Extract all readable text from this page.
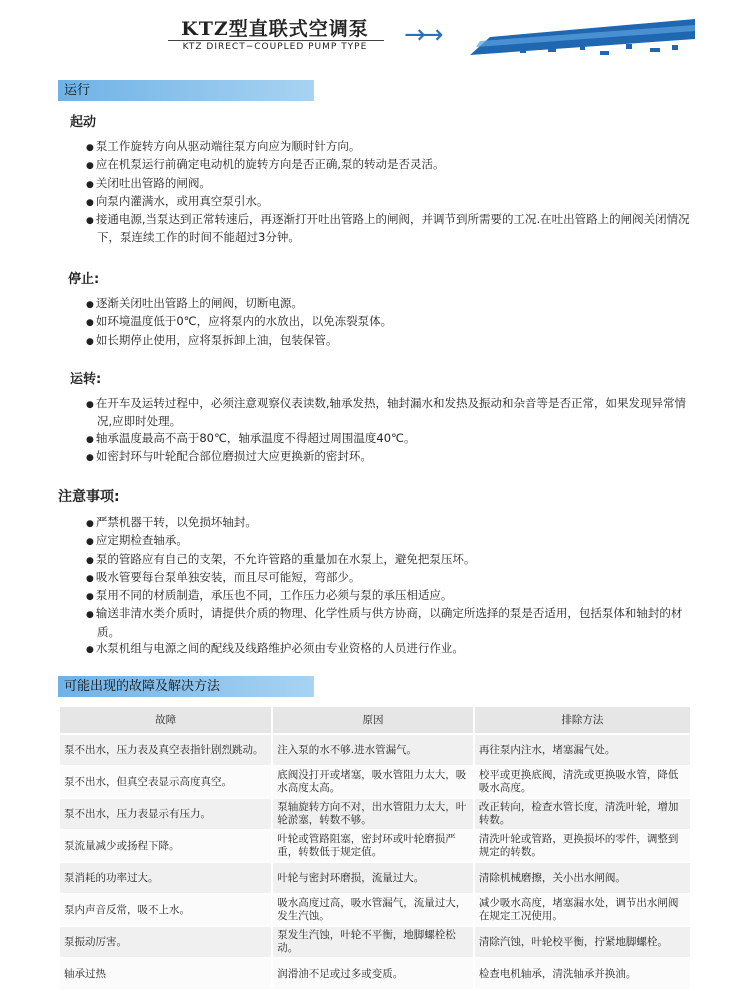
KTZ型直联式空调泵
KTZ DIRECT−COUPLED PUMP TYPE	→→
运行
起动

● 泵工作旋转方向从驱动端往泵方向应为顺时针方向。

● 应在机泵运行前确定电动机的旋转方向是否正确,泵的转动是否灵活。

● 关闭吐出管路的闸阀。

● 向泵内灌满水，或用真空泵引水。

● 接通电源,当泵达到正常转速后，再逐渐打开吐出管路上的闸阀，并调节到所需要的工况.在吐出管路上的闸阀关闭情况下，泵连续工作的时间不能超过3分钟。

停止:

● 逐渐关闭吐出管路上的闸阀，切断电源。

● 如环境温度低于0℃，应将泵内的水放出，以免冻裂泵体。

● 如长期停止使用，应将泵拆卸上油，包装保管。

运转:

● 在开车及运转过程中，必须注意观察仪表读数,轴承发热，轴封漏水和发热及振动和杂音等是否正常，如果发现异常情况,应即时处理。

● 轴承温度最高不高于80℃，轴承温度不得超过周围温度40℃。

● 如密封环与叶轮配合部位磨损过大应更换新的密封环。

注意事项:

● 严禁机器干转，以免损坏轴封。

● 应定期检查轴承。

● 泵的管路应有自己的支架，不允许管路的重量加在水泵上，避免把泵压坏。

● 吸水管要每台泵单独安装，而且尽可能短，弯部少。

● 泵用不同的材质制造，承压也不同，工作压力必须与泵的承压相适应。

● 输送非清水类介质时，请提供介质的物理、化学性质与供方协商，以确定所选择的泵是否适用，包括泵体和轴封的材质。

● 水泵机组与电源之间的配线及线路维护必须由专业资格的人员进行作业。

可能出现的故障及解决方法
故障	原因	排除方法
泵不出水，压力表及真空表指针剧烈跳动。	注入泵的水不够.进水管漏气。	再往泵内注水，堵塞漏气处。
泵不出水，但真空表显示高度真空。	底阀没打开或堵塞，吸水管阻力太大，吸水高度太高。	校平或更换底阀，清洗或更换吸水管，降低吸水高度。
泵不出水，压力表显示有压力。	泵轴旋转方向不对，出水管阻力太大，叶轮淤塞，转数不够。	改正转向，检查水管长度，清洗叶轮，增加转数。
泵流量减少或扬程下降。	叶轮或管路阻塞，密封环或叶轮磨损严重，转数低于规定值。	清洗叶轮或管路，更换损坏的零件，调整到规定的转数。
泵消耗的功率过大。	叶轮与密封环磨损，流量过大。	清除机械磨擦，关小出水闸阀。
泵内声音反常，吸不上水。	吸水高度过高，吸水管漏气，流量过大，发生汽蚀。	减少吸水高度，堵塞漏水处，调节出水闸阀在规定工况使用。
泵振动厉害。	泵发生汽蚀，叶轮不平衡，地脚螺栓松动。	清除汽蚀，叶轮校平衡，拧紧地脚螺栓。
轴承过热	润滑油不足或过多或变质。	检查电机轴承，清洗轴承并换油。
